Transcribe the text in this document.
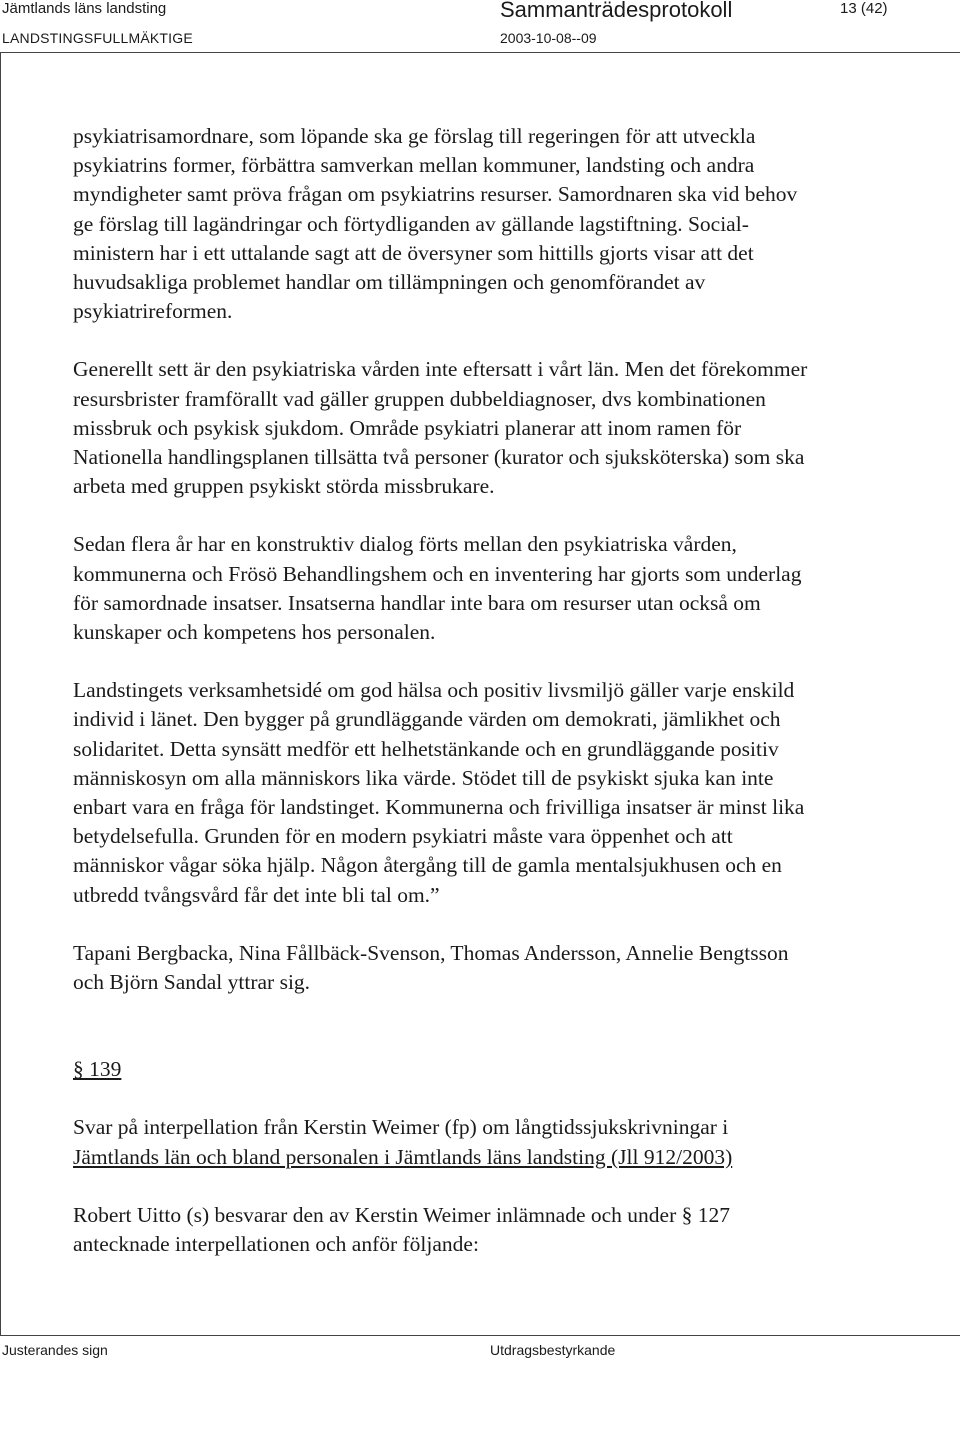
Jämtlands läns landsting	Sammanträdesprotokoll	13 (42)
LANDSTINGSFULLMÄKTIGE	2003-10-08--09

psykiatrisamordnare, som löpande ska ge förslag till regeringen för att utveckla

psykiatrins former, förbättra samverkan mellan kommuner, landsting och andra

myndigheter samt pröva frågan om psykiatrins resurser. Samordnaren ska vid behov

ge förslag till lagändringar och förtydliganden av gällande lagstiftning. Social-

ministern har i ett uttalande sagt att de översyner som hittills gjorts visar att det

huvudsakliga problemet handlar om tillämpningen och genomförandet av

psykiatrireformen.

Generellt sett är den psykiatriska vården inte eftersatt i vårt län. Men det förekommer

resursbrister framförallt vad gäller gruppen dubbeldiagnoser, dvs kombinationen

missbruk och psykisk sjukdom. Område psykiatri planerar att inom ramen för

Nationella handlingsplanen tillsätta två personer (kurator och sjuksköterska) som ska

arbeta med gruppen psykiskt störda missbrukare.

Sedan flera år har en konstruktiv dialog förts mellan den psykiatriska vården,

kommunerna och Frösö Behandlingshem och en inventering har gjorts som underlag

för samordnade insatser. Insatserna handlar inte bara om resurser utan också om

kunskaper och kompetens hos personalen.

Landstingets verksamhetsidé om god hälsa och positiv livsmiljö gäller varje enskild

individ i länet. Den bygger på grundläggande värden om demokrati, jämlikhet och

solidaritet. Detta synsätt medför ett helhetstänkande och en grundläggande positiv

människosyn om alla människors lika värde. Stödet till de psykiskt sjuka kan inte

enbart vara en fråga för landstinget. Kommunerna och frivilliga insatser är minst lika

betydelsefulla. Grunden för en modern psykiatri måste vara öppenhet och att

människor vågar söka hjälp. Någon återgång till de gamla mentalsjukhusen och en

utbredd tvångsvård får det inte bli tal om.”

Tapani Bergbacka, Nina Fållbäck-Svenson, Thomas Andersson, Annelie Bengtsson

och Björn Sandal yttrar sig.

§ 139

Svar på interpellation från Kerstin Weimer (fp) om långtidssjukskrivningar i

Jämtlands län och bland personalen i Jämtlands läns landsting (Jll 912/2003)

Robert Uitto (s) besvarar den av Kerstin Weimer inlämnade och under § 127

antecknade interpellationen och anför följande:

Justerandes sign	Utdragsbestyrkande
